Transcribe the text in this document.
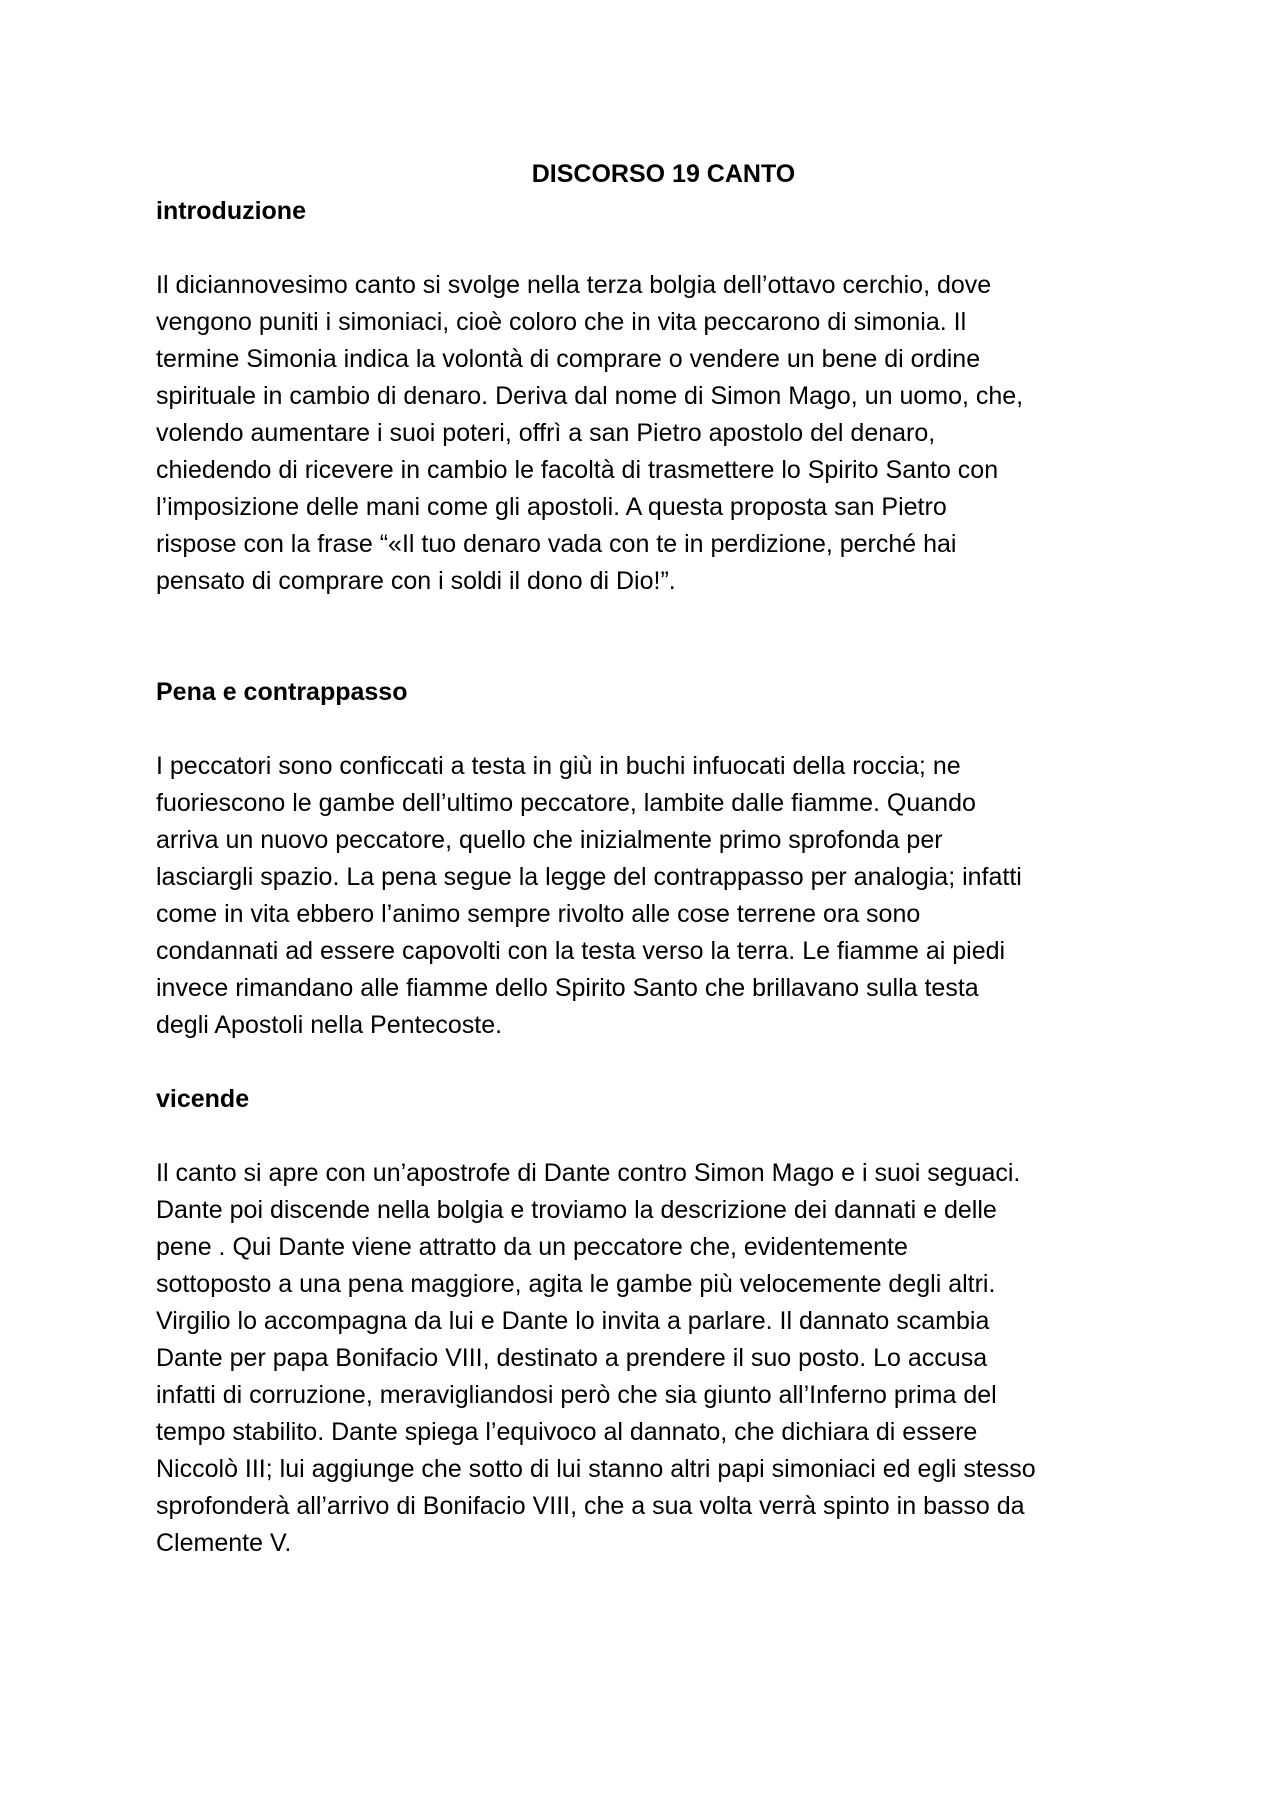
DISCORSO 19 CANTO
introduzione

Il diciannovesimo canto si svolge nella terza bolgia dell’ottavo cerchio, dove
vengono puniti i simoniaci, cioè coloro che in vita peccarono di simonia. Il
termine Simonia indica la volontà di comprare o vendere un bene di ordine
spirituale in cambio di denaro. Deriva dal nome di Simon Mago, un uomo, che,
volendo aumentare i suoi poteri, offrì a san Pietro apostolo del denaro,
chiedendo di ricevere in cambio le facoltà di trasmettere lo Spirito Santo con
l’imposizione delle mani come gli apostoli. A questa proposta san Pietro
rispose con la frase “«Il tuo denaro vada con te in perdizione, perché hai
pensato di comprare con i soldi il dono di Dio!”.

Pena e contrappasso

I peccatori sono conficcati a testa in giù in buchi infuocati della roccia; ne
fuoriescono le gambe dell’ultimo peccatore, lambite dalle fiamme. Quando
arriva un nuovo peccatore, quello che inizialmente primo sprofonda per
lasciargli spazio. La pena segue la legge del contrappasso per analogia; infatti
come in vita ebbero l’animo sempre rivolto alle cose terrene ora sono
condannati ad essere capovolti con la testa verso la terra. Le fiamme ai piedi
invece rimandano alle fiamme dello Spirito Santo che brillavano sulla testa
degli Apostoli nella Pentecoste.

vicende

Il canto si apre con un’apostrofe di Dante contro Simon Mago e i suoi seguaci.
Dante poi discende nella bolgia e troviamo la descrizione dei dannati e delle
pene . Qui Dante viene attratto da un peccatore che, evidentemente
sottoposto a una pena maggiore, agita le gambe più velocemente degli altri.
Virgilio lo accompagna da lui e Dante lo invita a parlare. Il dannato scambia
Dante per papa Bonifacio VIII, destinato a prendere il suo posto. Lo accusa
infatti di corruzione, meravigliandosi però che sia giunto all’Inferno prima del
tempo stabilito. Dante spiega l’equivoco al dannato, che dichiara di essere
Niccolò III; lui aggiunge che sotto di lui stanno altri papi simoniaci ed egli stesso
sprofonderà all’arrivo di Bonifacio VIII, che a sua volta verrà spinto in basso da
Clemente V.
